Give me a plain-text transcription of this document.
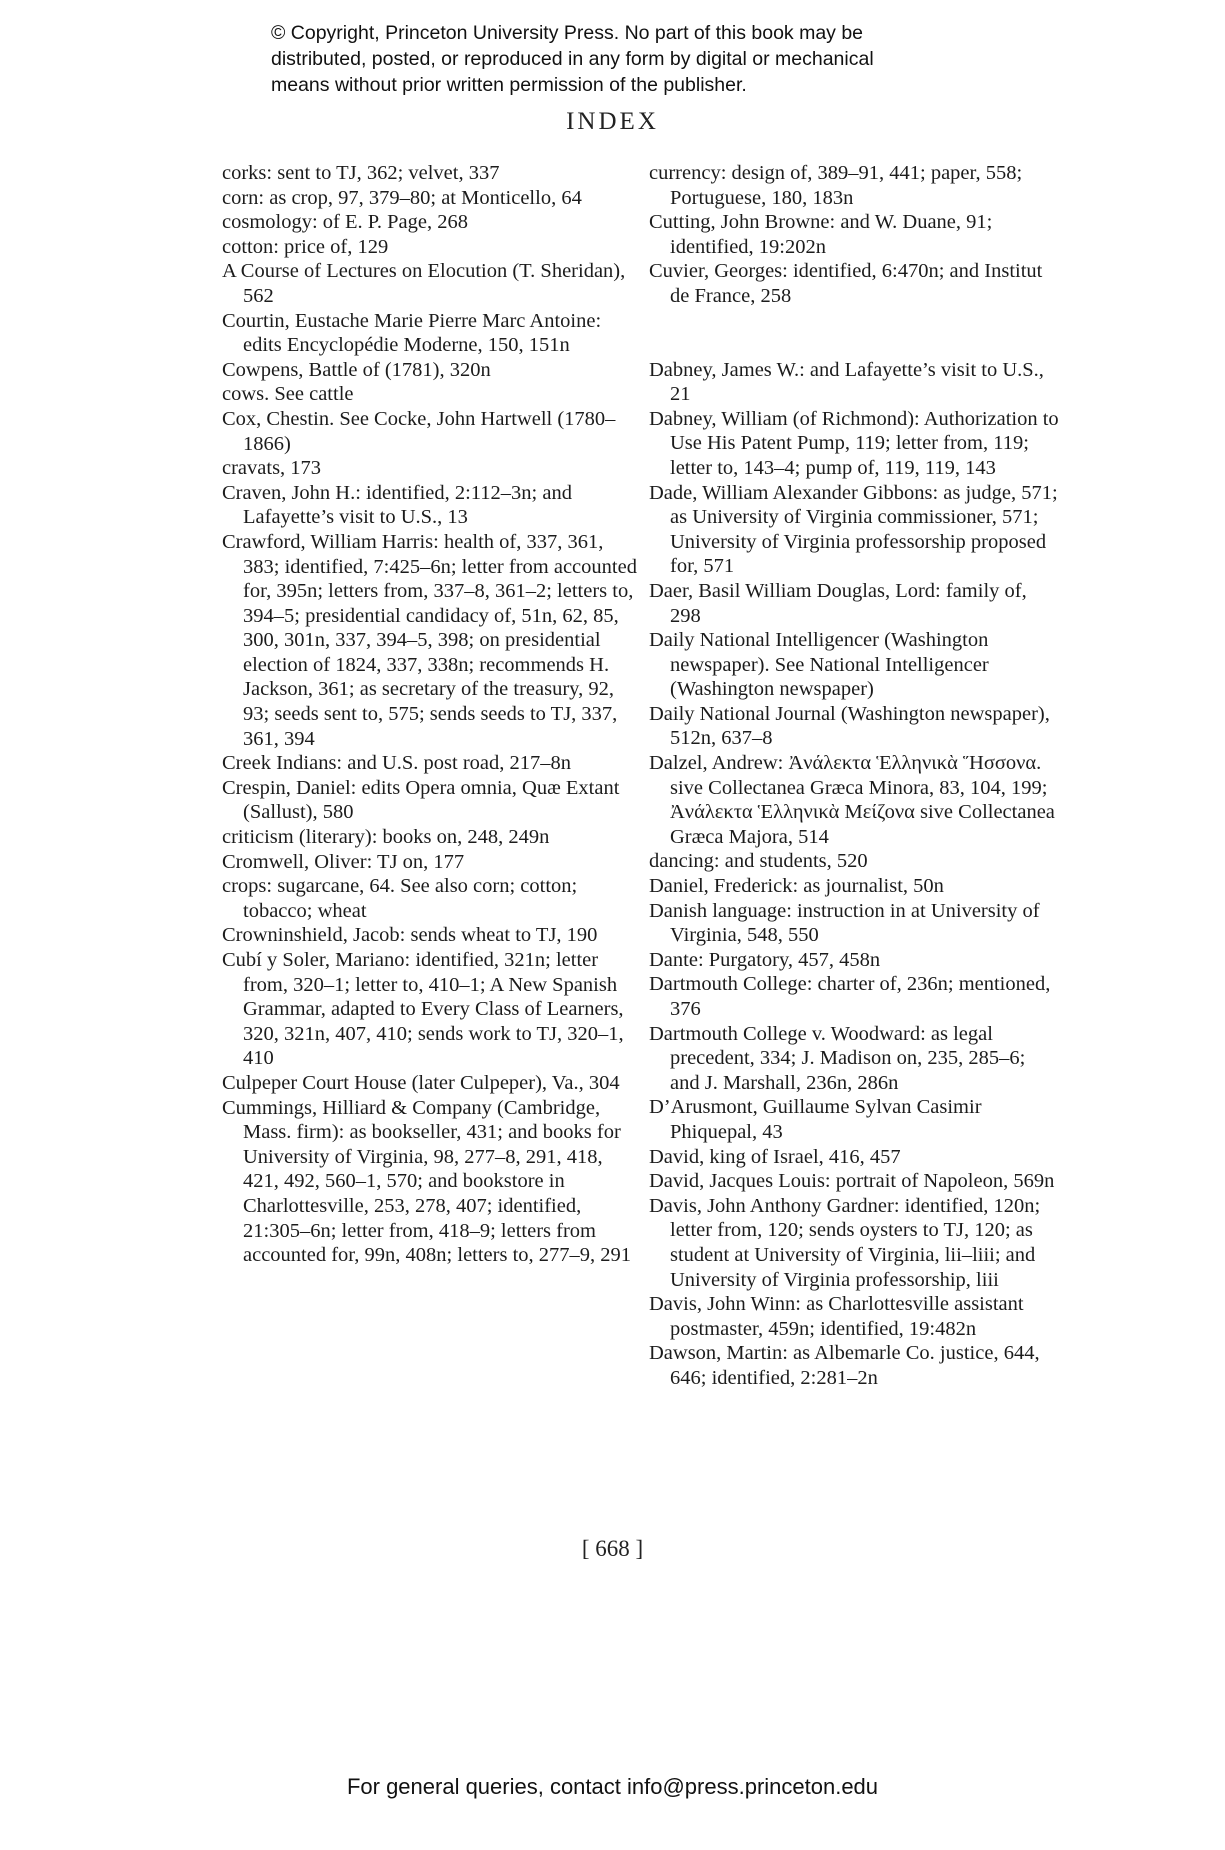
© Copyright, Princeton University Press. No part of this book may be
distributed, posted, or reproduced in any form by digital or mechanical
means without prior written permission of the publisher.
INDEX

corks: sent to TJ, 362; velvet, 337

corn: as crop, 97, 379–80; at Monticello, 64

cosmology: of E. P. Page, 268

cotton: price of, 129

A Course of Lectures on Elocution (T. Sheridan), 562

Courtin, Eustache Marie Pierre Marc Antoine: edits Encyclopédie Moderne, 150, 151n

Cowpens, Battle of (1781), 320n

cows. See cattle

Cox, Chestin. See Cocke, John Hartwell (1780–1866)

cravats, 173

Craven, John H.: identified, 2:112–3n; and Lafayette’s visit to U.S., 13

Crawford, William Harris: health of, 337, 361, 383; identified, 7:425–6n; letter from accounted for, 395n; letters from, 337–8, 361–2; letters to, 394–5; presidential candidacy of, 51n, 62, 85, 300, 301n, 337, 394–5, 398; on presidential election of 1824, 337, 338n; recommends H. Jackson, 361; as secretary of the treasury, 92, 93; seeds sent to, 575; sends seeds to TJ, 337, 361, 394

Creek Indians: and U.S. post road, 217–8n

Crespin, Daniel: edits Opera omnia, Quæ Extant (Sallust), 580

criticism (literary): books on, 248, 249n

Cromwell, Oliver: TJ on, 177

crops: sugarcane, 64. See also corn; cotton; tobacco; wheat

Crowninshield, Jacob: sends wheat to TJ, 190

Cubí y Soler, Mariano: identified, 321n; letter from, 320–1; letter to, 410–1; A New Spanish Grammar, adapted to Every Class of Learners, 320, 321n, 407, 410; sends work to TJ, 320–1, 410

Culpeper Court House (later Culpeper), Va., 304

Cummings, Hilliard & Company (Cambridge, Mass. firm): as bookseller, 431; and books for University of Virginia, 98, 277–8, 291, 418, 421, 492, 560–1, 570; and bookstore in Charlottesville, 253, 278, 407; identified, 21:305–6n; letter from, 418–9; letters from accounted for, 99n, 408n; letters to, 277–9, 291

currency: design of, 389–91, 441; paper, 558; Portuguese, 180, 183n

Cutting, John Browne: and W. Duane, 91; identified, 19:202n

Cuvier, Georges: identified, 6:470n; and Institut de France, 258

Dabney, James W.: and Lafayette’s visit to U.S., 21

Dabney, William (of Richmond): Authorization to Use His Patent Pump, 119; letter from, 119; letter to, 143–4; pump of, 119, 119, 143

Dade, William Alexander Gibbons: as judge, 571; as University of Virginia commissioner, 571; University of Virginia professorship proposed for, 571

Daer, Basil William Douglas, Lord: family of, 298

Daily National Intelligencer (Washington newspaper). See National Intelligencer (Washington newspaper)

Daily National Journal (Washington newspaper), 512n, 637–8

Dalzel, Andrew: Ἀνάλεκτα Ἑλληνικὰ Ἥσσονα. sive Collectanea Græca Minora, 83, 104, 199; Ἀνάλεκτα Ἑλληνικὰ Μείζονα sive Collectanea Græca Majora, 514

dancing: and students, 520

Daniel, Frederick: as journalist, 50n

Danish language: instruction in at University of Virginia, 548, 550

Dante: Purgatory, 457, 458n

Dartmouth College: charter of, 236n; mentioned, 376

Dartmouth College v. Woodward: as legal precedent, 334; J. Madison on, 235, 285–6; and J. Marshall, 236n, 286n

D’Arusmont, Guillaume Sylvan Casimir Phiquepal, 43

David, king of Israel, 416, 457

David, Jacques Louis: portrait of Napoleon, 569n

Davis, John Anthony Gardner: identified, 120n; letter from, 120; sends oysters to TJ, 120; as student at University of Virginia, lii–liii; and University of Virginia professorship, liii

Davis, John Winn: as Charlottesville assistant postmaster, 459n; identified, 19:482n

Dawson, Martin: as Albemarle Co. justice, 644, 646; identified, 2:281–2n

[ 668 ]
For general queries, contact info@press.princeton.edu
